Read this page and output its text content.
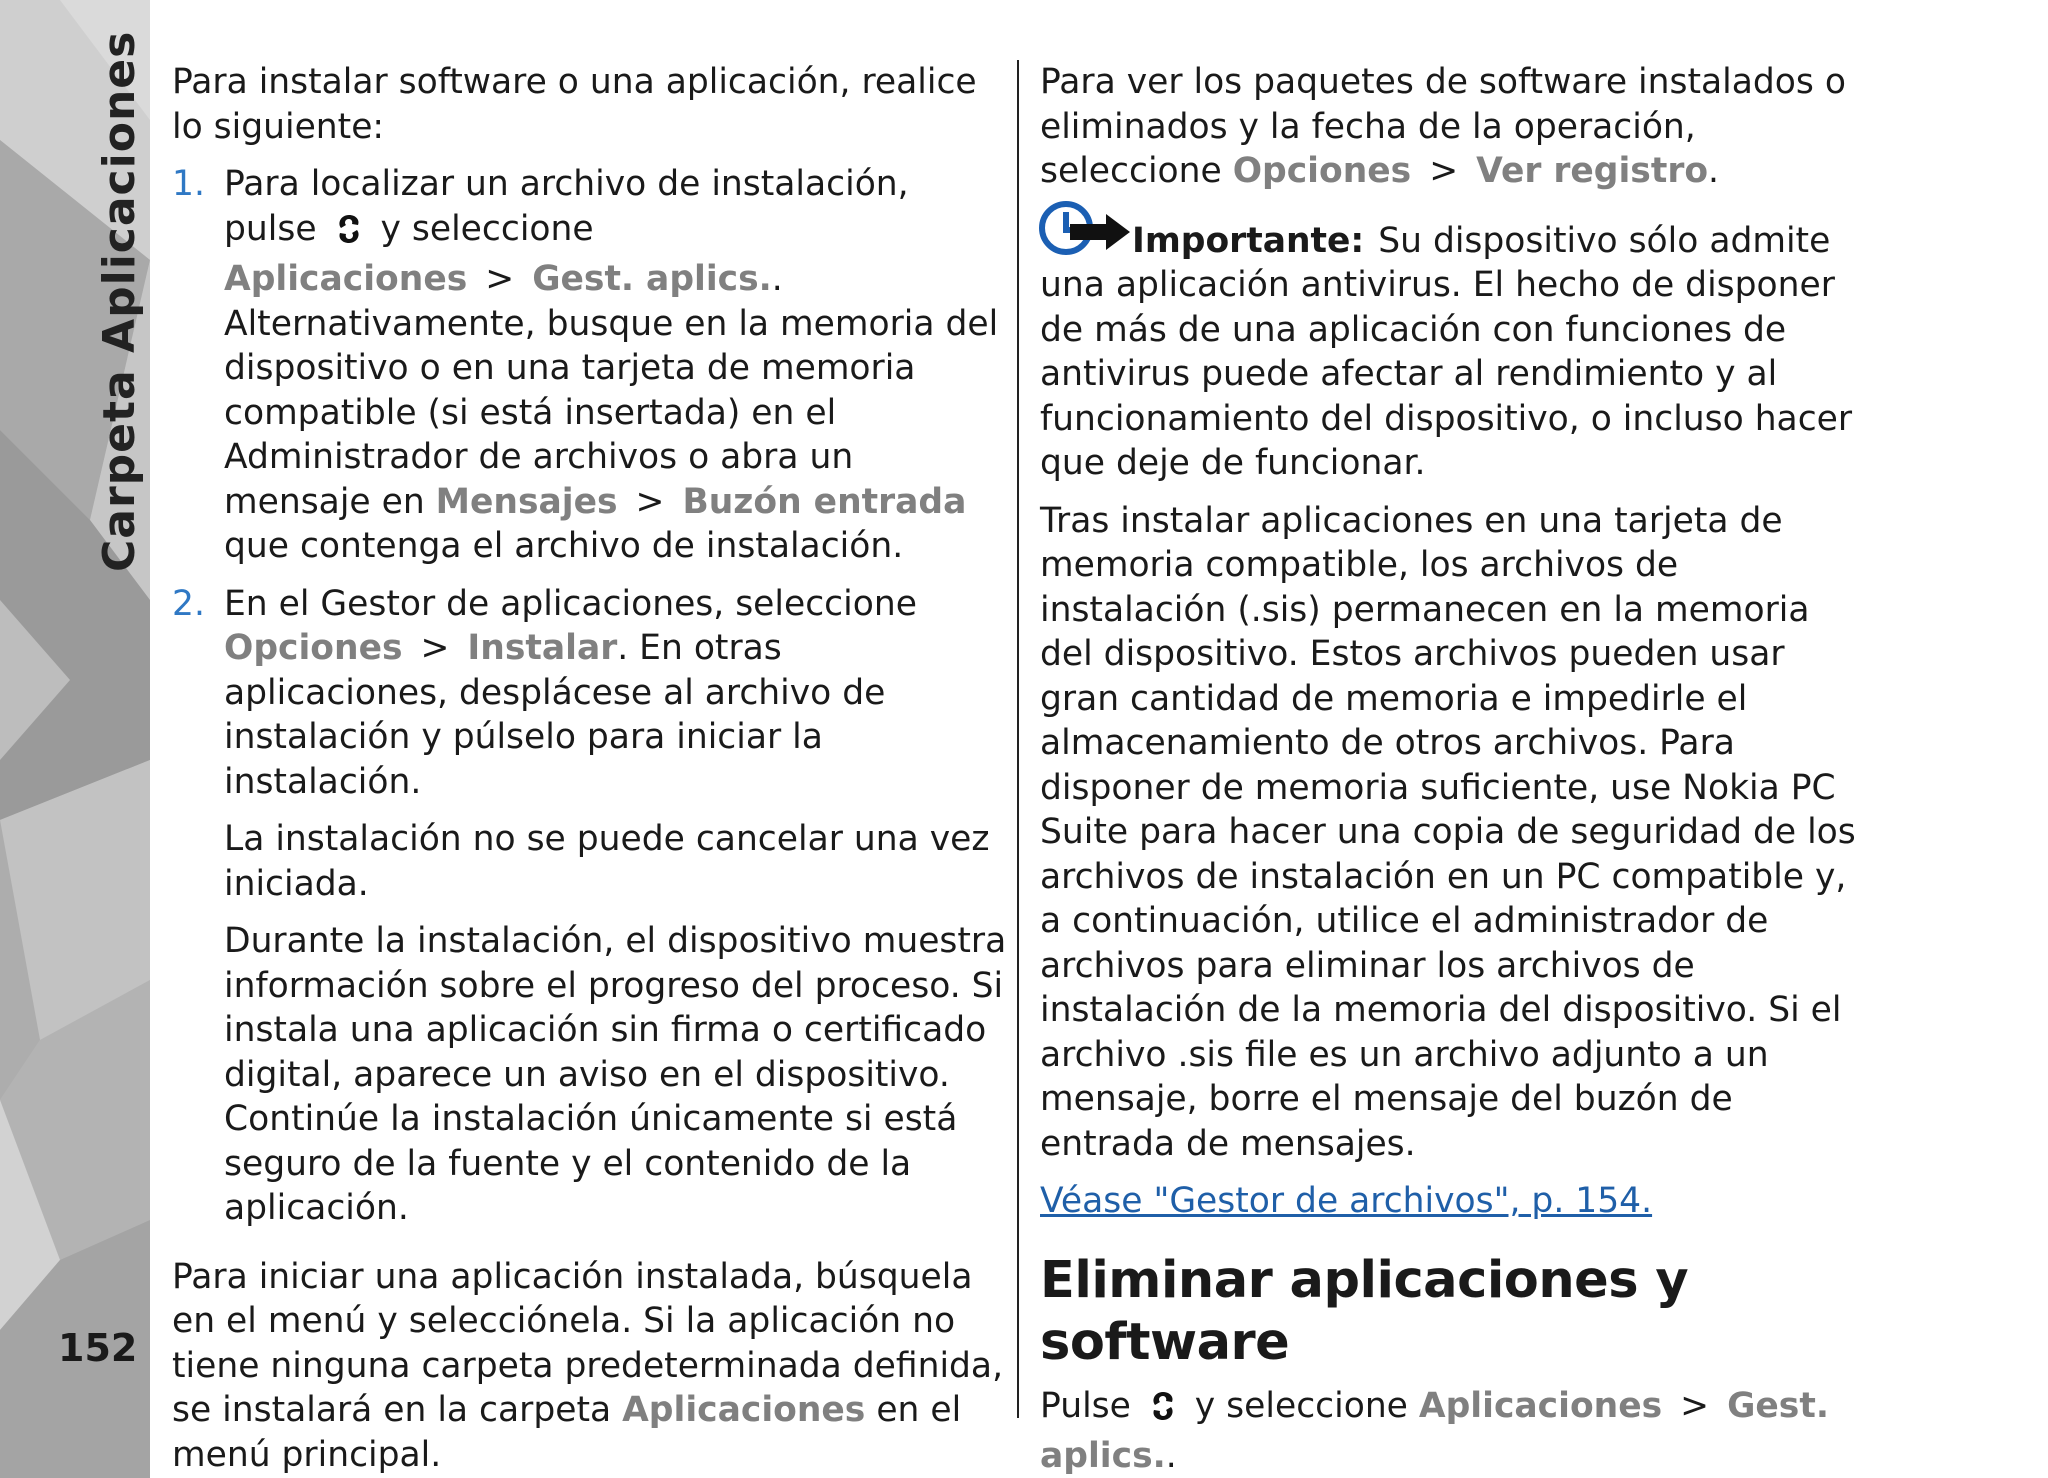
Carpeta Aplicaciones
152

Para instalar software o una aplicación, realice lo siguiente:

1. Para localizar un archivo de instalación, pulse y seleccione Aplicaciones > Gest. aplics.. Alternativamente, busque en la memoria del dispositivo o en una tarjeta de memoria compatible (si está insertada) en el Administrador de archivos o abra un mensaje en Mensajes > Buzón entrada que contenga el archivo de instalación.
2. En el Gestor de aplicaciones, seleccione Opciones > Instalar. En otras aplicaciones, desplácese al archivo de instalación y púlselo para iniciar la instalación.

La instalación no se puede cancelar una vez iniciada.

Durante la instalación, el dispositivo muestra información sobre el progreso del proceso. Si instala una aplicación sin firma o certificado digital, aparece un aviso en el dispositivo. Continúe la instalación únicamente si está seguro de la fuente y el contenido de la aplicación.

Para iniciar una aplicación instalada, búsquela en el menú y selecciónela. Si la aplicación no tiene ninguna carpeta predeterminada definida, se instalará en la carpeta Aplicaciones en el menú principal.

Para ver los paquetes de software instalados o eliminados y la fecha de la operación, seleccione Opciones > Ver registro.

Importante: Su dispositivo sólo admite una aplicación antivirus. El hecho de disponer de más de una aplicación con funciones de antivirus puede afectar al rendimiento y al funcionamiento del dispositivo, o incluso hacer que deje de funcionar.

Tras instalar aplicaciones en una tarjeta de memoria compatible, los archivos de instalación (.sis) permanecen en la memoria del dispositivo. Estos archivos pueden usar gran cantidad de memoria e impedirle el almacenamiento de otros archivos. Para disponer de memoria suficiente, use Nokia PC Suite para hacer una copia de seguridad de los archivos de instalación en un PC compatible y, a continuación, utilice el administrador de archivos para eliminar los archivos de instalación de la memoria del dispositivo. Si el archivo .sis file es un archivo adjunto a un mensaje, borre el mensaje del buzón de entrada de mensajes.

Véase "Gestor de archivos", p. 154.

Eliminar aplicaciones y software

Pulse y seleccione Aplicaciones > Gest. aplics..
